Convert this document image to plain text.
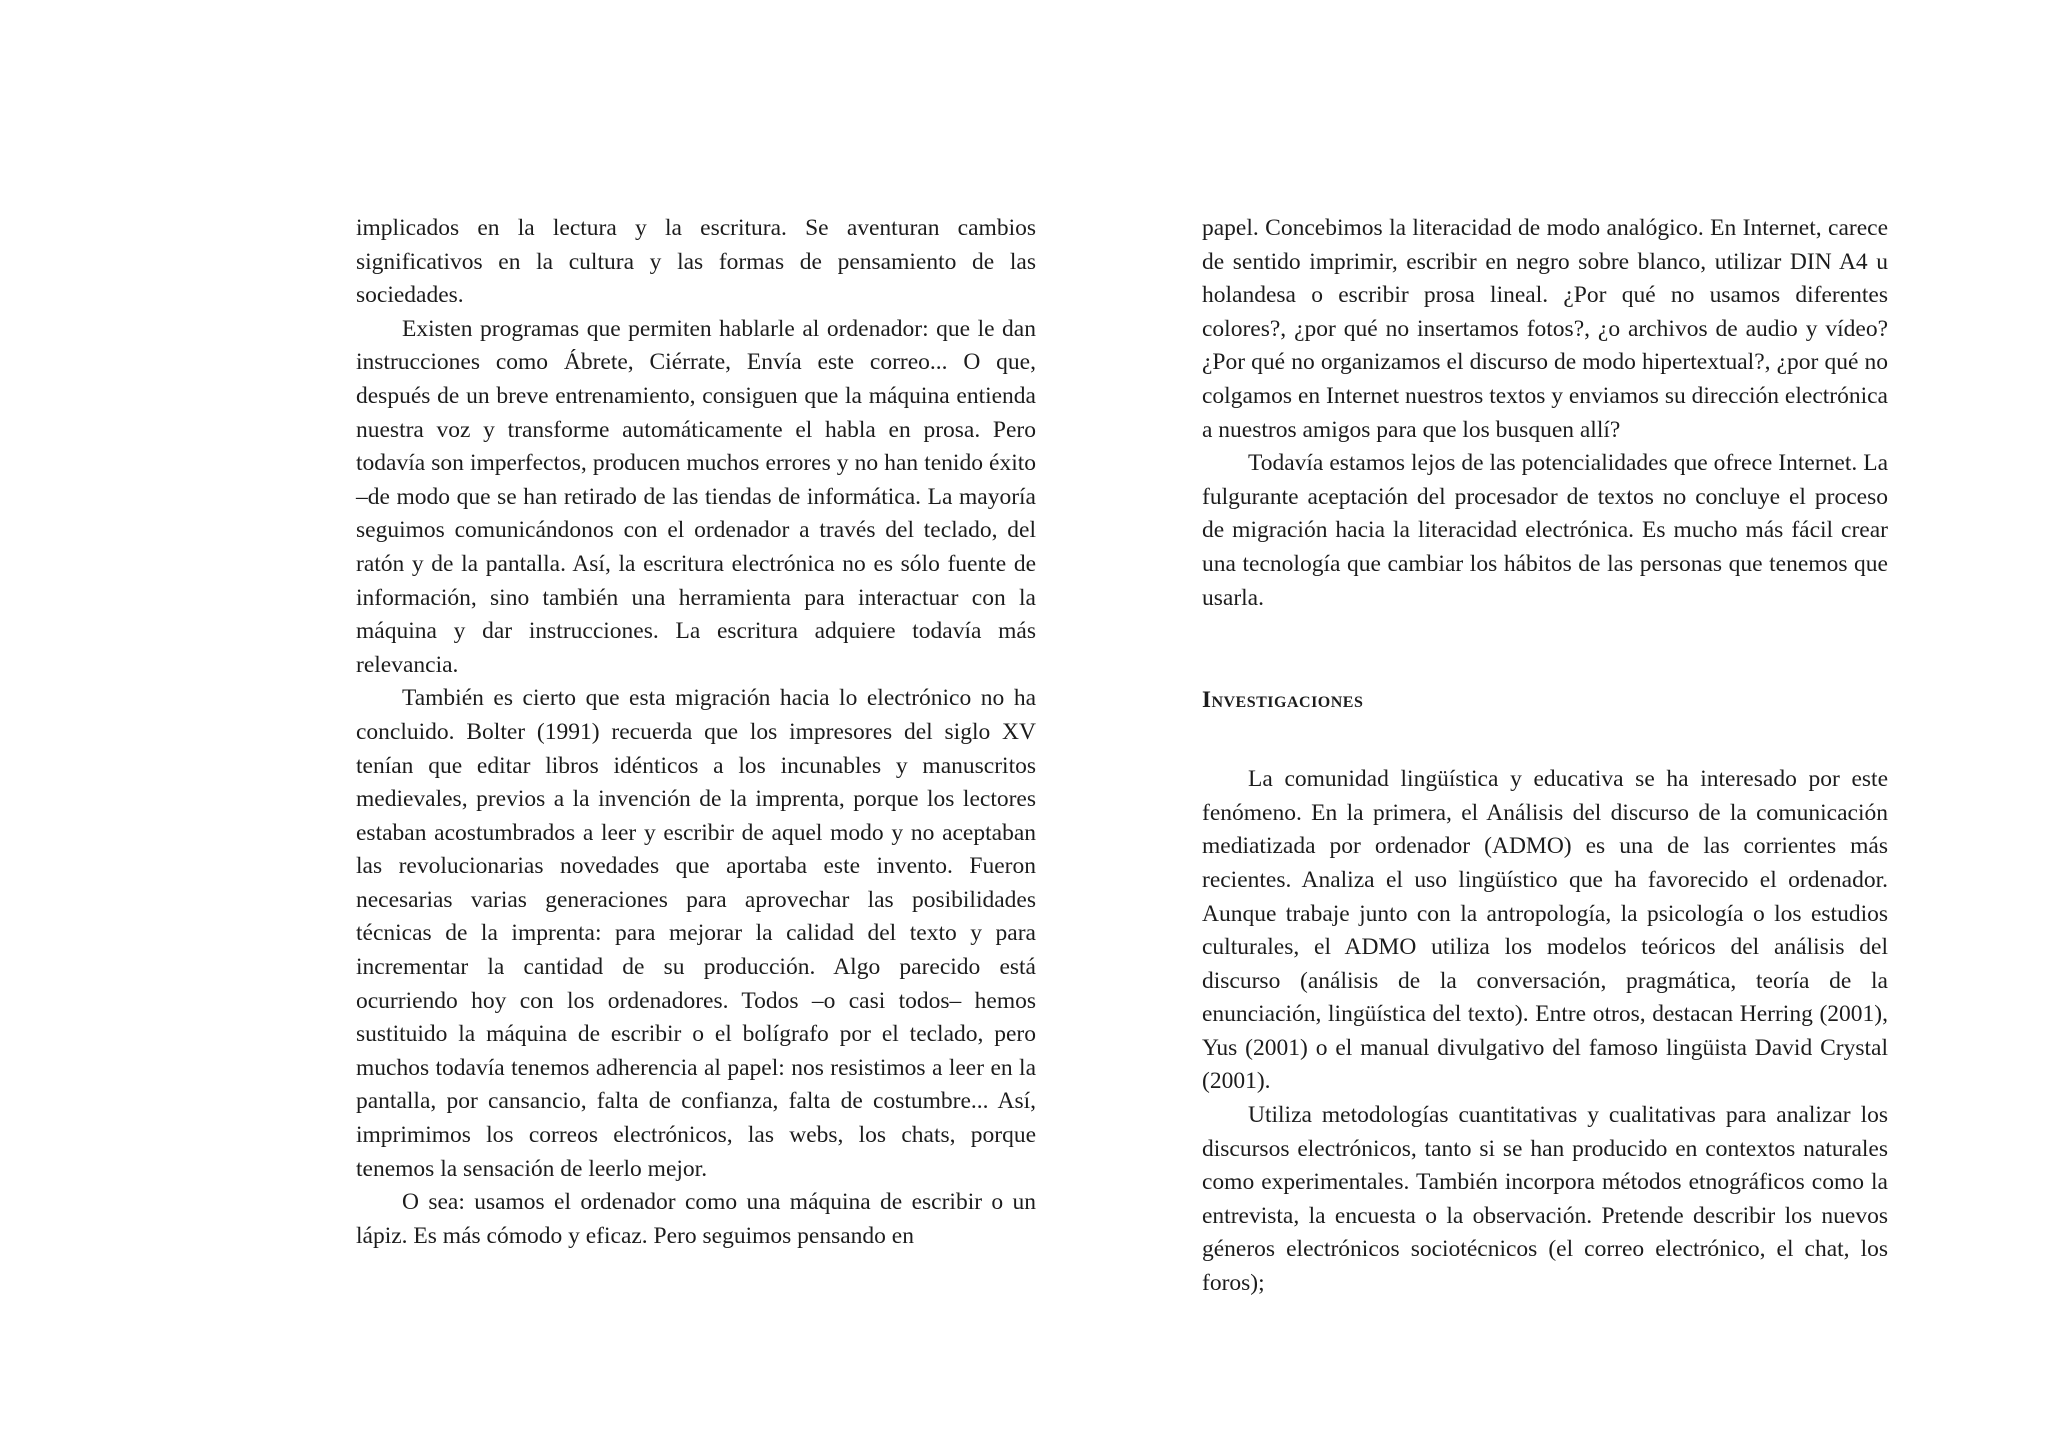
implicados en la lectura y la escritura. Se aventuran cambios significativos en la cultura y las formas de pensamiento de las sociedades.

Existen programas que permiten hablarle al ordenador: que le dan instrucciones como Ábrete, Ciérrate, Envía este correo... O que, después de un breve entrenamiento, consiguen que la máquina entienda nuestra voz y transforme automáticamente el habla en prosa. Pero todavía son imperfectos, producen muchos errores y no han tenido éxito –de modo que se han retirado de las tiendas de informática. La mayoría seguimos comunicándonos con el ordenador a través del teclado, del ratón y de la pantalla. Así, la escritura electrónica no es sólo fuente de información, sino también una herramienta para interactuar con la máquina y dar instrucciones. La escritura adquiere todavía más relevancia.

También es cierto que esta migración hacia lo electrónico no ha concluido. Bolter (1991) recuerda que los impresores del siglo XV tenían que editar libros idénticos a los incunables y manuscritos medievales, previos a la invención de la imprenta, porque los lectores estaban acostumbrados a leer y escribir de aquel modo y no aceptaban las revolucionarias novedades que aportaba este invento. Fueron necesarias varias generaciones para aprovechar las posibilidades técnicas de la imprenta: para mejorar la calidad del texto y para incrementar la cantidad de su producción. Algo parecido está ocurriendo hoy con los ordenadores. Todos –o casi todos– hemos sustituido la máquina de escribir o el bolígrafo por el teclado, pero muchos todavía tenemos adherencia al papel: nos resistimos a leer en la pantalla, por cansancio, falta de confianza, falta de costumbre... Así, imprimimos los correos electrónicos, las webs, los chats, porque tenemos la sensación de leerlo mejor.

O sea: usamos el ordenador como una máquina de escribir o un lápiz. Es más cómodo y eficaz. Pero seguimos pensando en

papel. Concebimos la literacidad de modo analógico. En Internet, carece de sentido imprimir, escribir en negro sobre blanco, utilizar DIN A4 u holandesa o escribir prosa lineal. ¿Por qué no usamos diferentes colores?, ¿por qué no insertamos fotos?, ¿o archivos de audio y vídeo? ¿Por qué no organizamos el discurso de modo hipertextual?, ¿por qué no colgamos en Internet nuestros textos y enviamos su dirección electrónica a nuestros amigos para que los busquen allí?

Todavía estamos lejos de las potencialidades que ofrece Internet. La fulgurante aceptación del procesador de textos no concluye el proceso de migración hacia la literacidad electrónica. Es mucho más fácil crear una tecnología que cambiar los hábitos de las personas que tenemos que usarla.

Investigaciones

La comunidad lingüística y educativa se ha interesado por este fenómeno. En la primera, el Análisis del discurso de la comunicación mediatizada por ordenador (ADMO) es una de las corrientes más recientes. Analiza el uso lingüístico que ha favorecido el ordenador. Aunque trabaje junto con la antropología, la psicología o los estudios culturales, el ADMO utiliza los modelos teóricos del análisis del discurso (análisis de la conversación, pragmática, teoría de la enunciación, lingüística del texto). Entre otros, destacan Herring (2001), Yus (2001) o el manual divulgativo del famoso lingüista David Crystal (2001).

Utiliza metodologías cuantitativas y cualitativas para analizar los discursos electrónicos, tanto si se han producido en contextos naturales como experimentales. También incorpora métodos etnográficos como la entrevista, la encuesta o la observación. Pretende describir los nuevos géneros electrónicos sociotécnicos (el correo electrónico, el chat, los foros);
